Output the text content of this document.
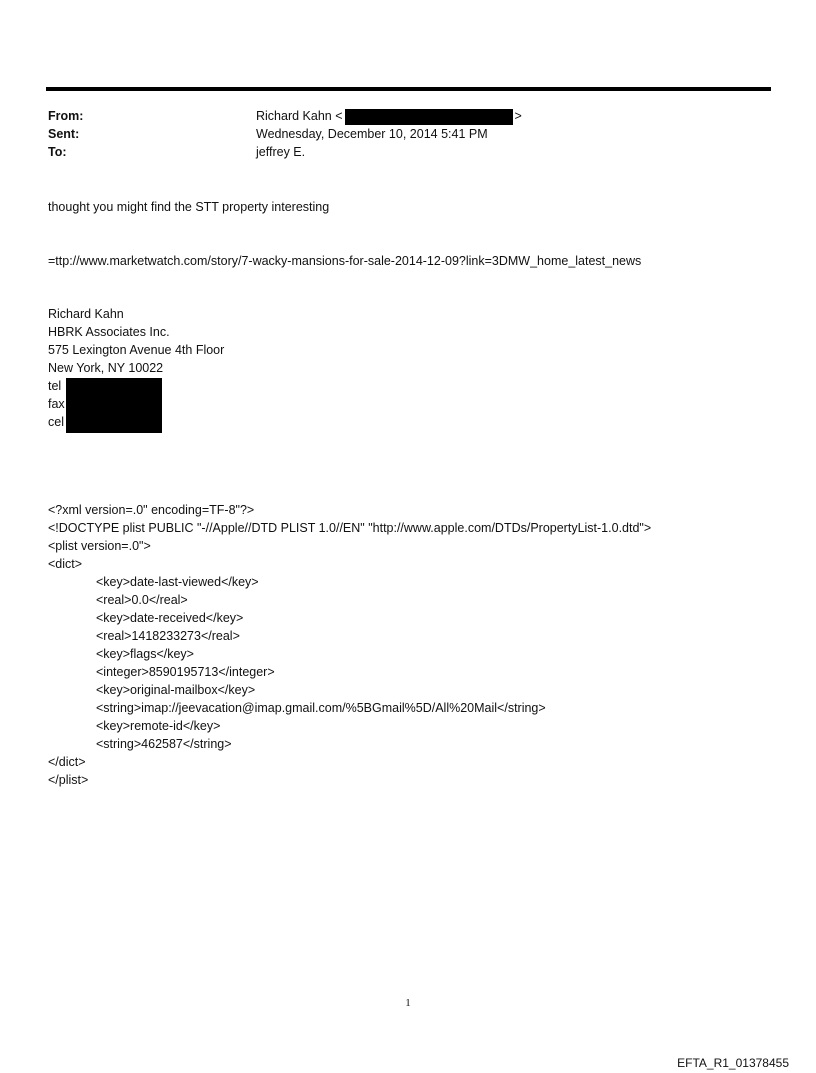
From:	Richard Kahn <	>
Sent:	Wednesday, December 10, 2014 5:41 PM
To:	jeffrey E.
thought you might find the STT property interesting
=ttp://www.marketwatch.com/story/7-wacky-mansions-for-sale-2014-12-09?link=3DMW_home_latest_news
Richard Kahn
HBRK Associates Inc.
575 Lexington Avenue 4th Floor
New York, NY 10022
tel
fax
cel
<?xml version=.0" encoding=TF-8"?>
<!DOCTYPE plist PUBLIC "-//Apple//DTD PLIST 1.0//EN" "http://www.apple.com/DTDs/PropertyList-1.0.dtd">
<plist version=.0">
<dict>
<key>date-last-viewed</key>
<real>0.0</real>
<key>date-received</key>
<real>1418233273</real>
<key>flags</key>
<integer>8590195713</integer>
<key>original-mailbox</key>
<string>imap://jeevacation@imap.gmail.com/%5BGmail%5D/All%20Mail</string>
<key>remote-id</key>
<string>462587</string>
</dict>
</plist>
1
EFTA_R1_01378455
